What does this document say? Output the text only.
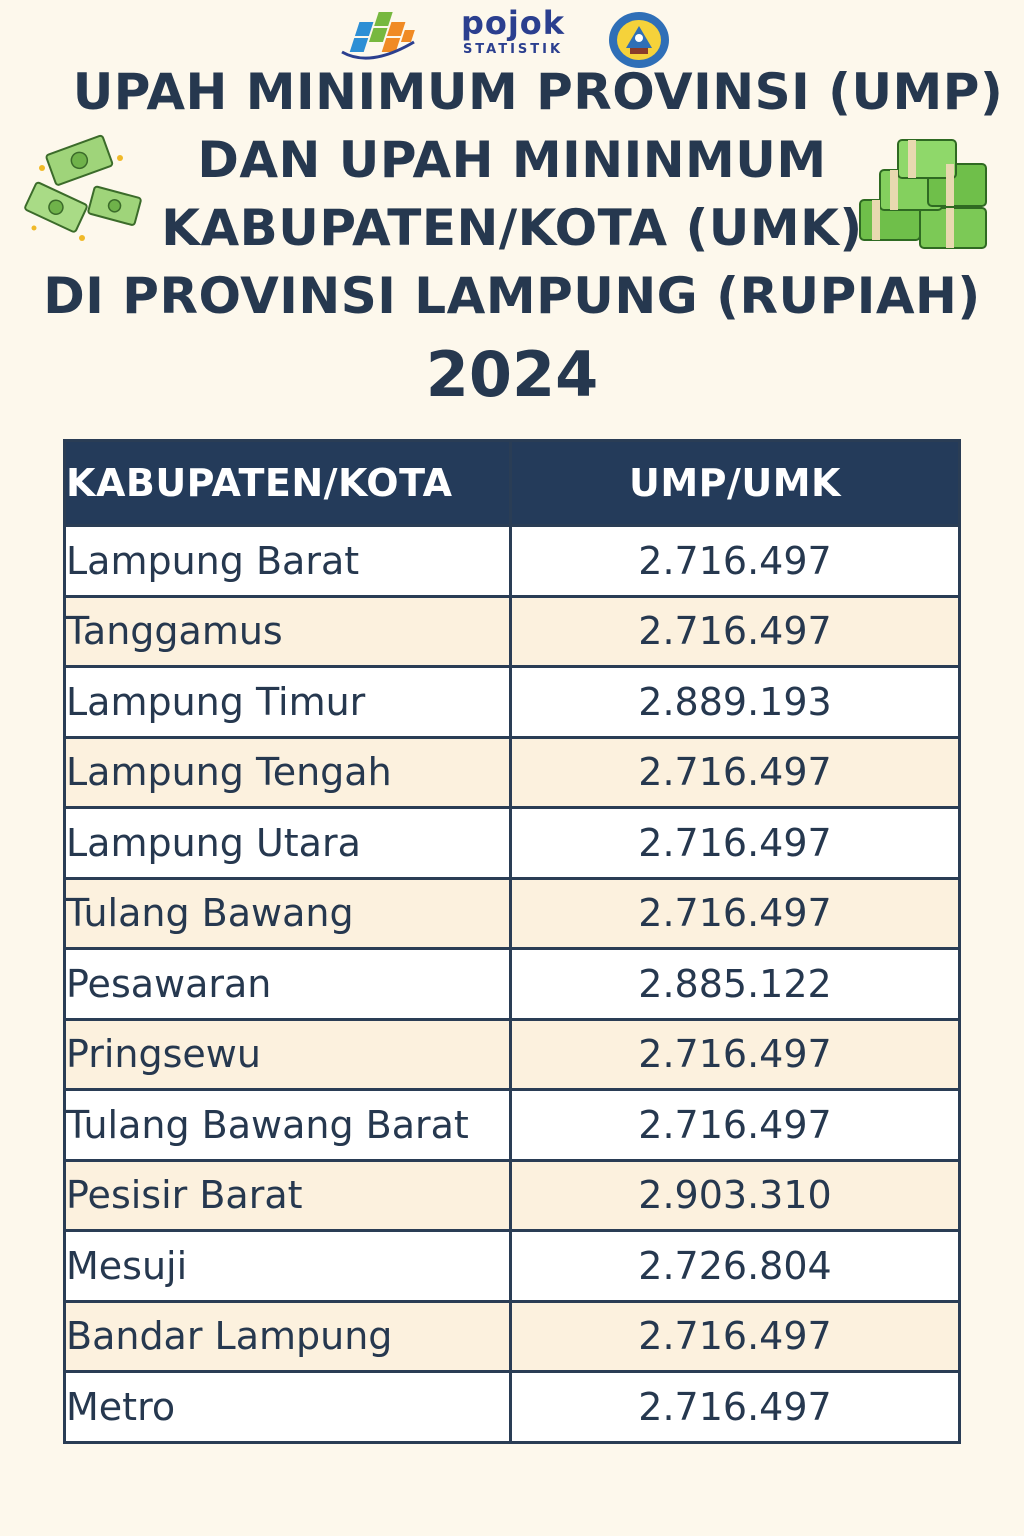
pojok
STATISTIK
UPAH MINIMUM PROVINSI (UMP)
DAN UPAH MININMUM
KABUPATEN/KOTA (UMK)
DI PROVINSI LAMPUNG (RUPIAH)
2024
KABUPATEN/KOTA	UMP/UMK
Lampung Barat	2.716.497
Tanggamus	2.716.497
Lampung Timur	2.889.193
Lampung Tengah	2.716.497
Lampung Utara	2.716.497
Tulang Bawang	2.716.497
Pesawaran	2.885.122
Pringsewu	2.716.497
Tulang Bawang Barat	2.716.497
Pesisir Barat	2.903.310
Mesuji	2.726.804
Bandar Lampung	2.716.497
Metro	2.716.497
